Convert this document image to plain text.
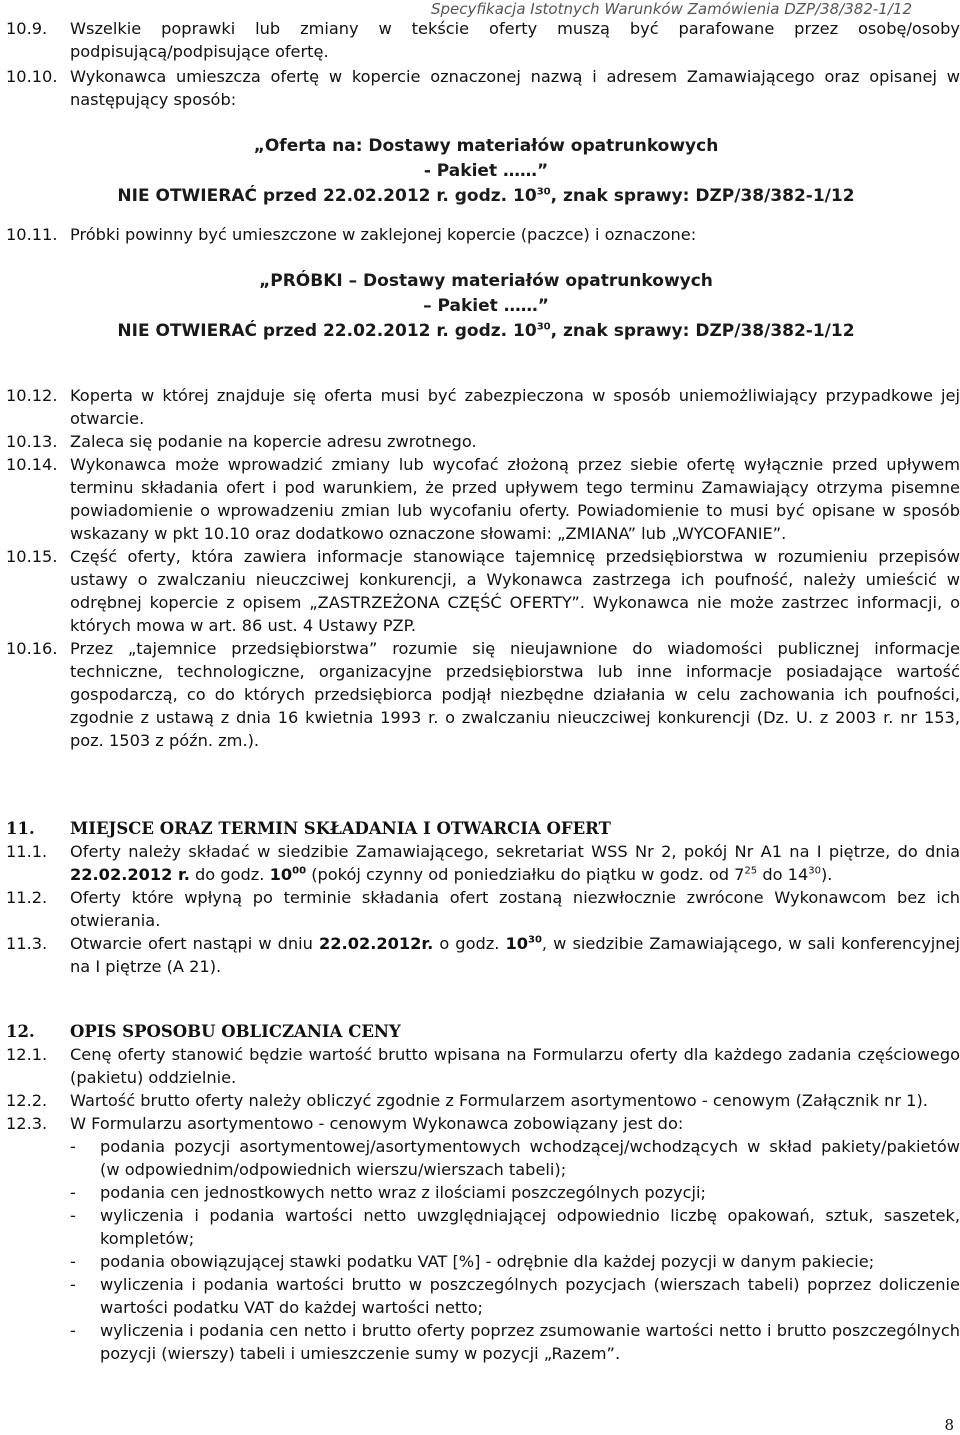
Specyfikacja Istotnych Warunków Zamówienia DZP/38/382-1/12
10.9.	Wszelkie poprawki lub zmiany w tekście oferty muszą być parafowane przez osobę/osoby podpisującą/podpisujące ofertę.
10.10. Wykonawca umieszcza ofertę w kopercie oznaczonej nazwą i adresem Zamawiającego oraz opisanej w następujący sposób:
„Oferta na: Dostawy materiałów opatrunkowych
- Pakiet ……”
NIE OTWIERAĆ przed 22.02.2012 r. godz. $10^{30}$, znak sprawy: DZP/38/382-1/12
10.11. Próbki powinny być umieszczone w zaklejonej kopercie (paczce) i oznaczone:
„PRÓBKI – Dostawy materiałów opatrunkowych
– Pakiet ……”
NIE OTWIERAĆ przed 22.02.2012 r. godz. $10^{30}$, znak sprawy: DZP/38/382-1/12
10.12. Koperta w której znajduje się oferta musi być zabezpieczona w sposób uniemożliwiający przypadkowe jej otwarcie.
10.13. Zaleca się podanie na kopercie adresu zwrotnego.
10.14. Wykonawca może wprowadzić zmiany lub wycofać złożoną przez siebie ofertę wyłącznie przed upływem terminu składania ofert i pod warunkiem, że przed upływem tego terminu Zamawiający otrzyma pisemne powiadomienie o wprowadzeniu zmian lub wycofaniu oferty. Powiadomienie to musi być opisane w sposób wskazany w pkt 10.10 oraz dodatkowo oznaczone słowami: „ZMIANA” lub „WYCOFANIE”.
10.15. Część oferty, która zawiera informacje stanowiące tajemnicę przedsiębiorstwa w rozumieniu przepisów ustawy o zwalczaniu nieuczciwej konkurencji, a Wykonawca zastrzega ich poufność, należy umieścić w odrębnej kopercie z opisem „ZASTRZEŻONA CZĘŚĆ OFERTY”. Wykonawca nie może zastrzec informacji, o których mowa w art. 86 ust. 4 Ustawy PZP.
10.16. Przez „tajemnice przedsiębiorstwa” rozumie się nieujawnione do wiadomości publicznej informacje techniczne, technologiczne, organizacyjne przedsiębiorstwa lub inne informacje posiadające wartość gospodarczą, co do których przedsiębiorca podjął niezbędne działania w celu zachowania ich poufności, zgodnie z ustawą z dnia 16 kwietnia 1993 r. o zwalczaniu nieuczciwej konkurencji (Dz. U. z 2003 r. nr 153, poz. 1503 z późn. zm.).
11.	MIEJSCE ORAZ TERMIN SKŁADANIA I OTWARCIA OFERT
11.1.	Oferty należy składać w siedzibie Zamawiającego, sekretariat WSS Nr 2, pokój Nr A1 na I piętrze, do dnia 22.02.2012 r. do godz. $10^{00}$ (pokój czynny od poniedziałku do piątku w godz. od $7^{25}$ do $14^{30}$).
11.2.	Oferty które wpłyną po terminie składania ofert zostaną niezwłocznie zwrócone Wykonawcom bez ich otwierania.
11.3.	Otwarcie ofert nastąpi w dniu 22.02.2012r. o godz. $10^{30}$, w siedzibie Zamawiającego, w sali konferencyjnej na I piętrze (A 21).
12.	OPIS SPOSOBU OBLICZANIA CENY
12.1.	Cenę oferty stanowić będzie wartość brutto wpisana na Formularzu oferty dla każdego zadania częściowego (pakietu) oddzielnie.
12.2.	Wartość brutto oferty należy obliczyć zgodnie z Formularzem asortymentowo - cenowym (Załącznik nr 1).
12.3.	W Formularzu asortymentowo - cenowym Wykonawca zobowiązany jest do:
-	podania pozycji asortymentowej/asortymentowych wchodzącej/wchodzących w skład pakiety/pakietów (w odpowiednim/odpowiednich wierszu/wierszach tabeli);
-	podania cen jednostkowych netto wraz z ilościami poszczególnych pozycji;
-	wyliczenia i podania wartości netto uwzględniającej odpowiednio liczbę opakowań, sztuk, saszetek, kompletów;
-	podania obowiązującej stawki podatku VAT [%] - odrębnie dla każdej pozycji w danym pakiecie;
-	wyliczenia i podania wartości brutto w poszczególnych pozycjach (wierszach tabeli) poprzez doliczenie wartości podatku VAT do każdej wartości netto;
-	wyliczenia i podania cen netto i brutto oferty poprzez zsumowanie wartości netto i brutto poszczególnych pozycji (wierszy) tabeli i umieszczenie sumy w pozycji „Razem”.
8
